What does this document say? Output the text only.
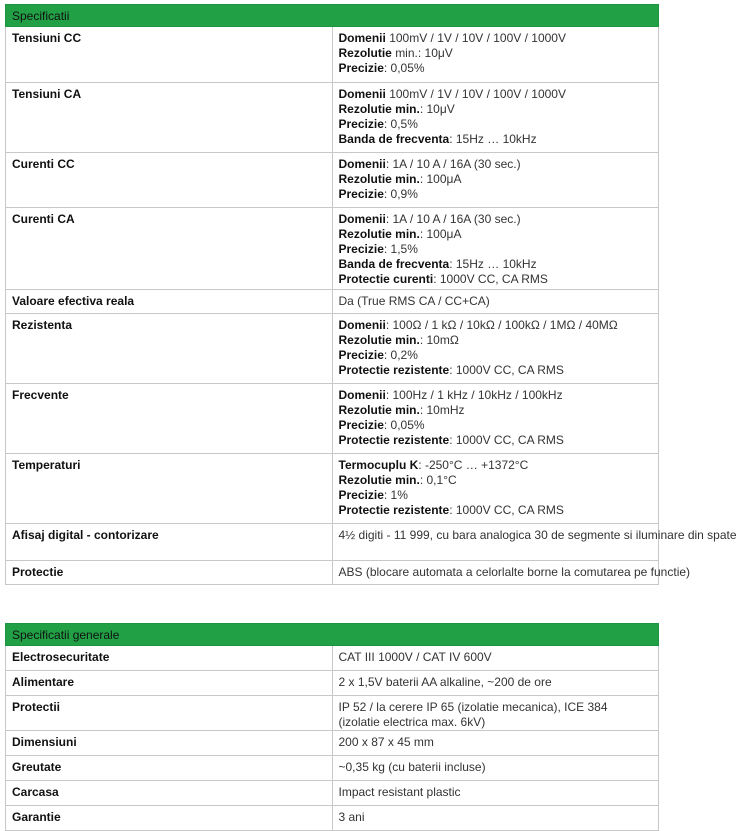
Specificatii	
Tensiuni CC	Domenii 100mV / 1V / 10V / 100V / 1000V
Rezolutie min.: 10μV
Precizie: 0,05%

Tensiuni CA	Domenii 100mV / 1V / 10V / 100V / 1000V
Rezolutie min.: 10μV
Precizie: 0,5%
Banda de frecventa: 15Hz … 10kHz

Curenti CC	Domenii: 1A / 10 A / 16A (30 sec.)
Rezolutie min.: 100μA
Precizie: 0,9%

Curenti CA	Domenii: 1A / 10 A / 16A (30 sec.)
Rezolutie min.: 100μA
Precizie: 1,5%
Banda de frecventa: 15Hz … 10kHz
Protectie curenti: 1000V CC, CA RMS

Valoare efectiva reala	Da (True RMS CA / CC+CA)

Rezistenta	Domenii: 100Ω / 1 kΩ / 10kΩ / 100kΩ / 1MΩ / 40MΩ
Rezolutie min.: 10mΩ
Precizie: 0,2%
Protectie rezistente: 1000V CC, CA RMS

Frecvente	Domenii: 100Hz / 1 kHz / 10kHz / 100kHz
Rezolutie min.: 10mHz
Precizie: 0,05%
Protectie rezistente: 1000V CC, CA RMS

Temperaturi	Termocuplu K: -250°C … +1372°C
Rezolutie min.: 0,1°C
Precizie: 1%
Protectie rezistente: 1000V CC, CA RMS

Afisaj digital - contorizare	4½ digiti - 11 999, cu bara analogica 30 de segmente si iluminare din spate

Protectie	ABS (blocare automata a celorlalte borne la comutarea pe functie)
Specificatii generale	
Electrosecuritate	CAT III 1000V / CAT IV 600V
Alimentare	2 x 1,5V baterii AA alkaline, ~200 de ore
Protectii	IP 52 / la cerere IP 65 (izolatie mecanica), ICE 384 (izolatie electrica max. 6kV)
Dimensiuni	200 x 87 x 45 mm
Greutate	~0,35 kg (cu baterii incluse)
Carcasa	Impact resistant plastic
Garantie	3 ani
